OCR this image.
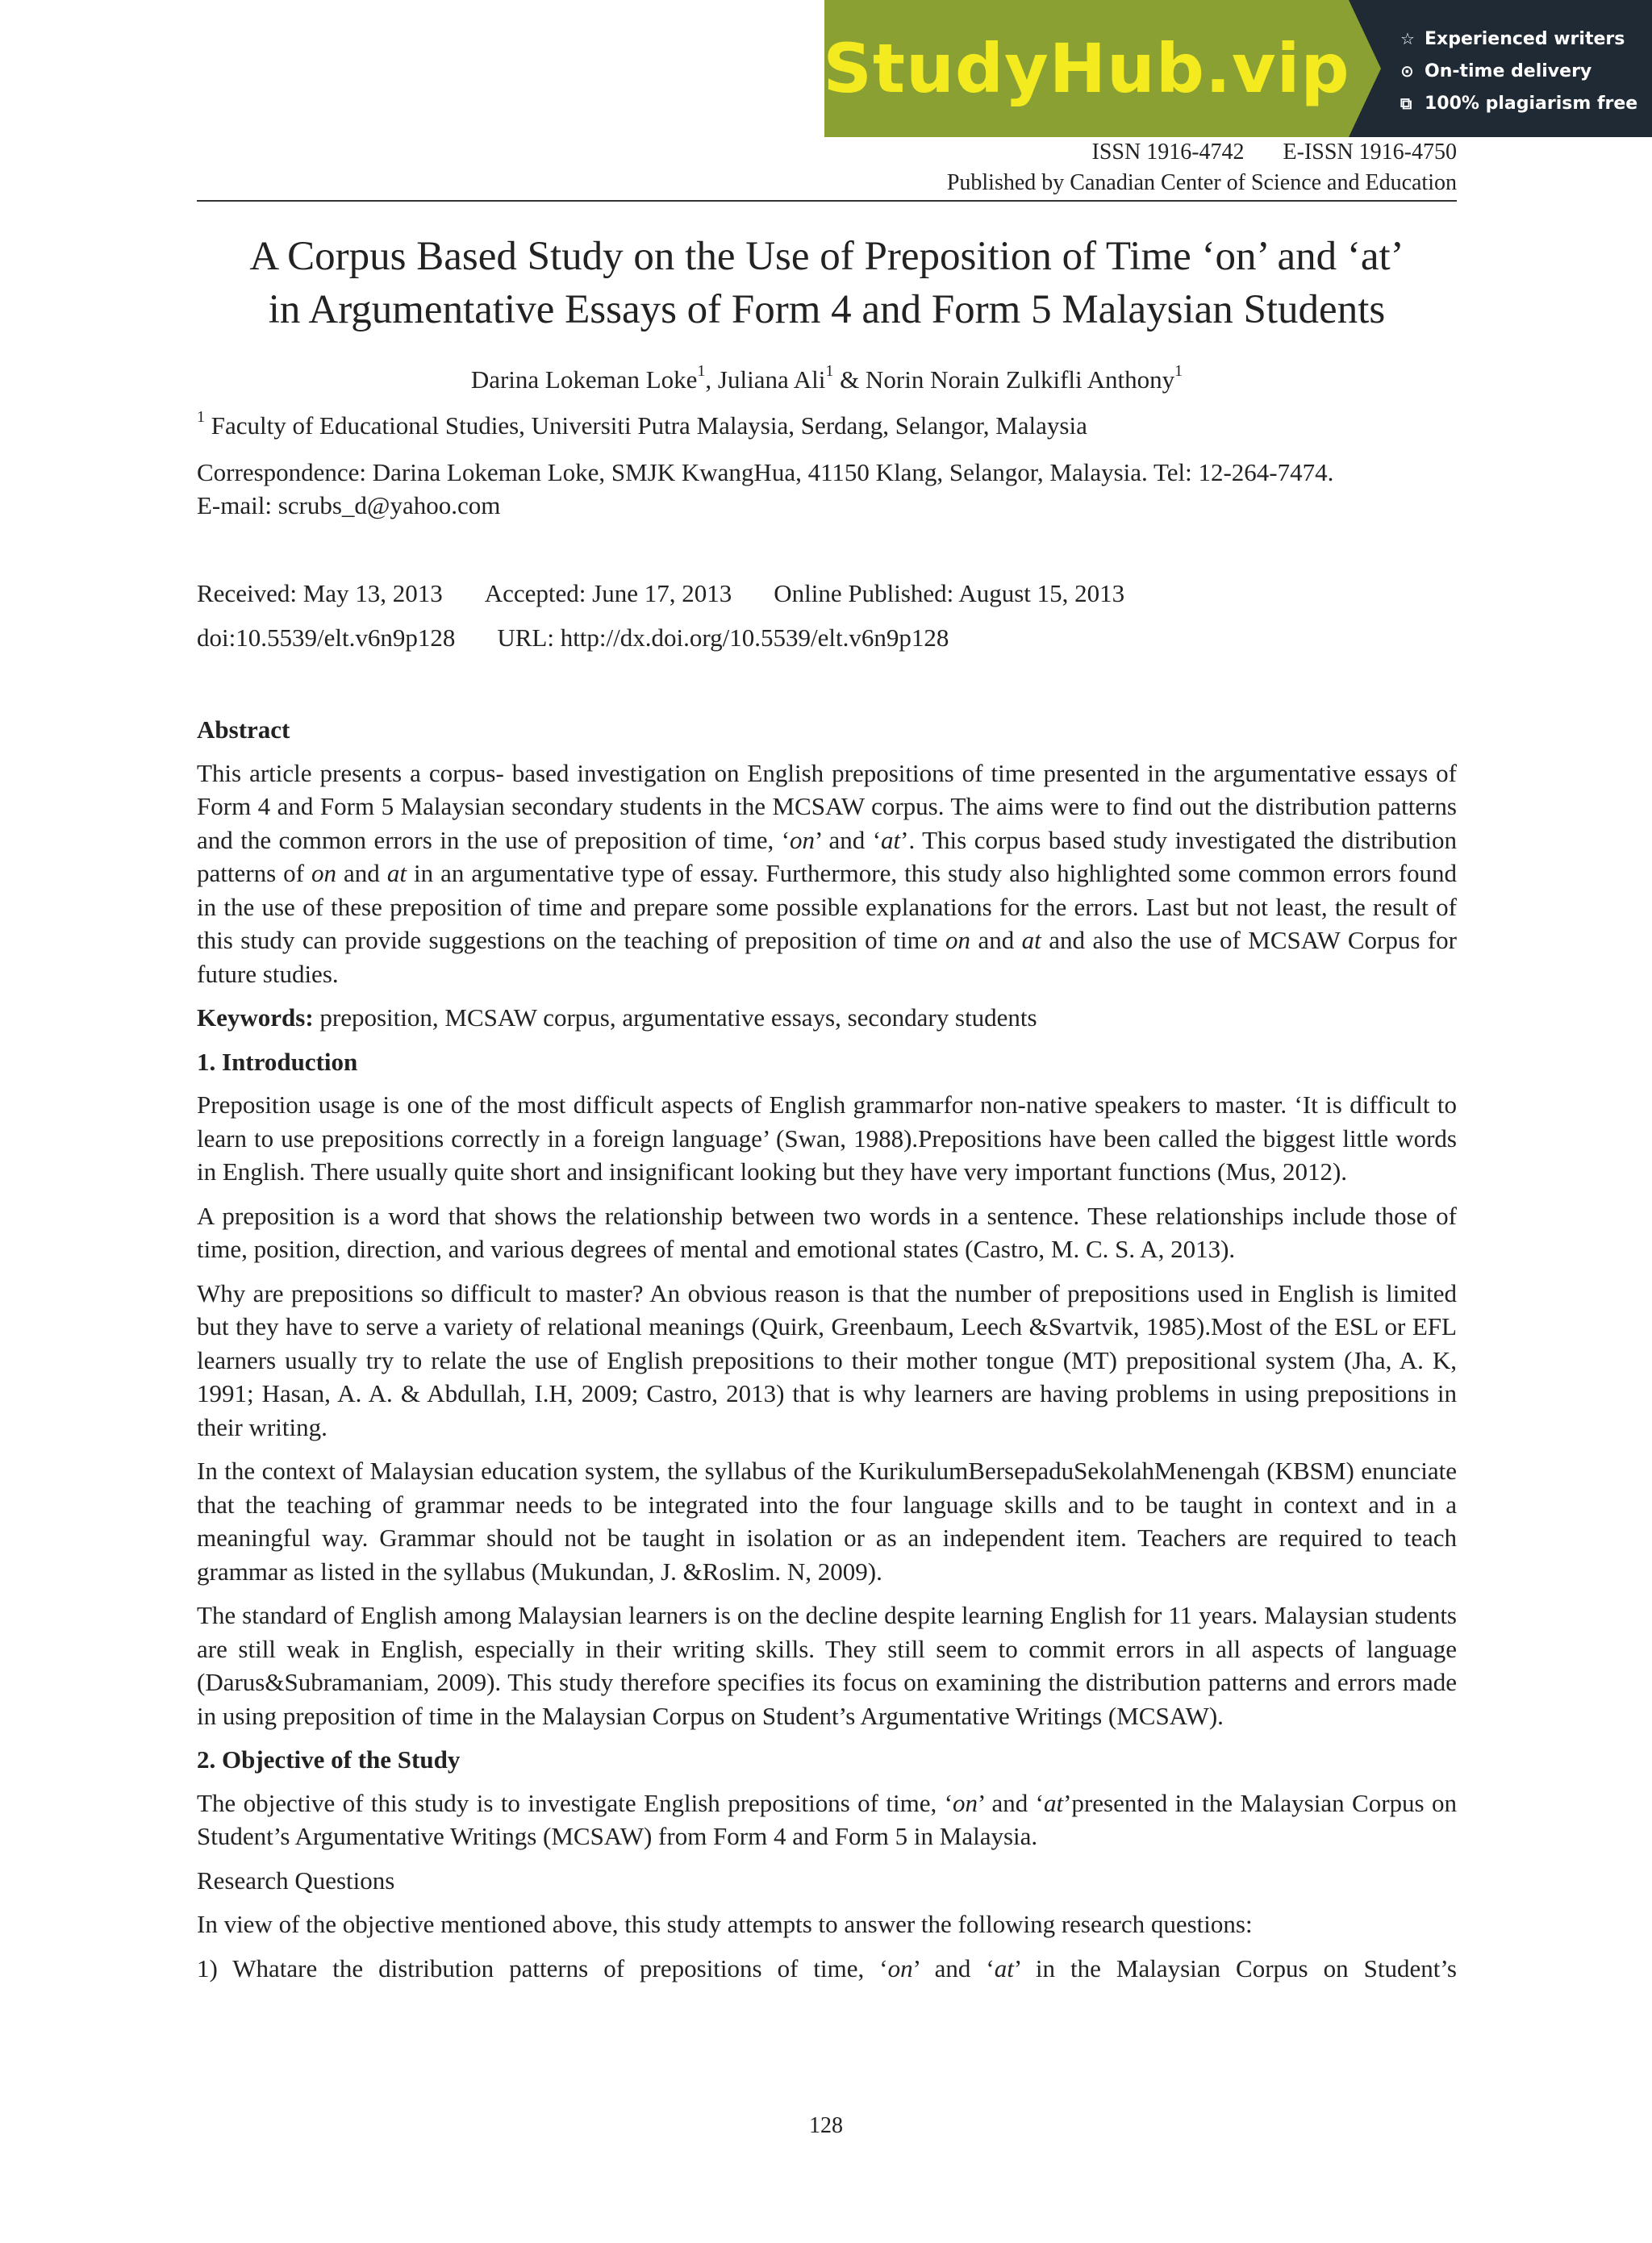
StudyHub.vip	☆ Experienced writers
⊙ On-time delivery
⧉ 100% plagiarism free
ISSN 1916-4742 E-ISSN 1916-4750
Published by Canadian Center of Science and Education
A Corpus Based Study on the Use of Preposition of Time ‘on’ and ‘at’
in Argumentative Essays of Form 4 and Form 5 Malaysian Students
Darina Lokeman Loke$^1$, Juliana Ali$^1$ & Norin Norain Zulkifli Anthony$^1$
$^1$ Faculty of Educational Studies, Universiti Putra Malaysia, Serdang, Selangor, Malaysia
Correspondence: Darina Lokeman Loke, SMJK KwangHua, 41150 Klang, Selangor, Malaysia. Tel: 12-264-7474.
E-mail: scrubs_d@yahoo.com
Received: May 13, 2013 Accepted: June 17, 2013 Online Published: August 15, 2013
doi:10.5539/elt.v6n9p128 URL: http://dx.doi.org/10.5539/elt.v6n9p128
Abstract

This article presents a corpus- based investigation on English prepositions of time presented in the argumentative essays of Form 4 and Form 5 Malaysian secondary students in the MCSAW corpus. The aims were to find out the distribution patterns and the common errors in the use of preposition of time, ‘on’ and ‘at’. This corpus based study investigated the distribution patterns of on and at in an argumentative type of essay. Furthermore, this study also highlighted some common errors found in the use of these preposition of time and prepare some possible explanations for the errors. Last but not least, the result of this study can provide suggestions on the teaching of preposition of time on and at and also the use of MCSAW Corpus for future studies.

Keywords: preposition, MCSAW corpus, argumentative essays, secondary students

1. Introduction

Preposition usage is one of the most difficult aspects of English grammarfor non-native speakers to master. ‘It is difficult to learn to use prepositions correctly in a foreign language’ (Swan, 1988).Prepositions have been called the biggest little words in English. There usually quite short and insignificant looking but they have very important functions (Mus, 2012).

A preposition is a word that shows the relationship between two words in a sentence. These relationships include those of time, position, direction, and various degrees of mental and emotional states (Castro, M. C. S. A, 2013).

Why are prepositions so difficult to master? An obvious reason is that the number of prepositions used in English is limited but they have to serve a variety of relational meanings (Quirk, Greenbaum, Leech &Svartvik, 1985).Most of the ESL or EFL learners usually try to relate the use of English prepositions to their mother tongue (MT) prepositional system (Jha, A. K, 1991; Hasan, A. A. & Abdullah, I.H, 2009; Castro, 2013) that is why learners are having problems in using prepositions in their writing.

In the context of Malaysian education system, the syllabus of the KurikulumBersepaduSekolahMenengah (KBSM) enunciate that the teaching of grammar needs to be integrated into the four language skills and to be taught in context and in a meaningful way. Grammar should not be taught in isolation or as an independent item. Teachers are required to teach grammar as listed in the syllabus (Mukundan, J. &Roslim. N, 2009).

The standard of English among Malaysian learners is on the decline despite learning English for 11 years. Malaysian students are still weak in English, especially in their writing skills. They still seem to commit errors in all aspects of language (Darus&Subramaniam, 2009). This study therefore specifies its focus on examining the distribution patterns and errors made in using preposition of time in the Malaysian Corpus on Student’s Argumentative Writings (MCSAW).

2. Objective of the Study

The objective of this study is to investigate English prepositions of time, ‘on’ and ‘at’presented in the Malaysian Corpus on Student’s Argumentative Writings (MCSAW) from Form 4 and Form 5 in Malaysia.

Research Questions

In view of the objective mentioned above, this study attempts to answer the following research questions:

1) Whatare the distribution patterns of prepositions of time, ‘on’ and ‘at’ in the Malaysian Corpus on Student’s

128
